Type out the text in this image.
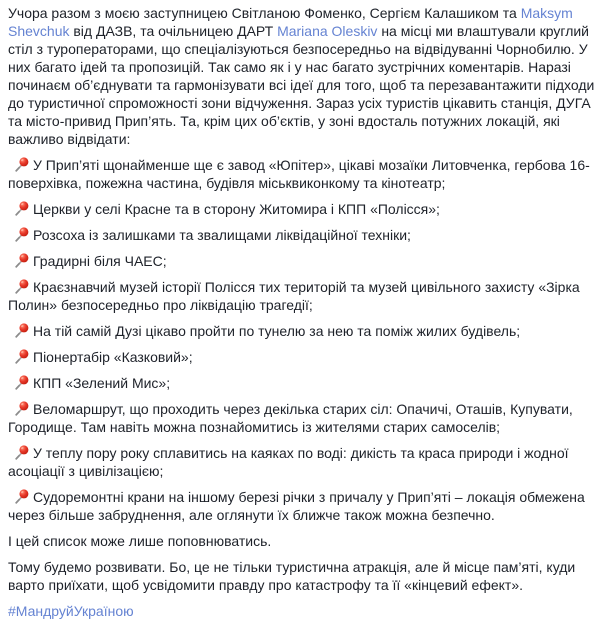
Учора разом з моєю заступницею Світланою Фоменко, Сергієм Калашиком та Maksym Shevchuk від ДАЗВ, та очільницею ДАРТ Mariana Oleskiv на місці ми влаштували круглий стіл з туроператорами, що спеціалізуються безпосередньо на відвідуванні Чорнобилю. У них багато ідей та пропозицій. Так само як і у нас багато зустрічних коментарів. Наразі починаєм об’єднувати та гармонізувати всі ідеї для того, щоб та перезавантажити підходи до туристичної спроможності зони відчуження. Зараз усіх туристів цікавить станція, ДУГА та місто-привид Прип’ять. Та, крім цих об’єктів, у зоні вдосталь потужних локацій, які важливо відвідати:

У Прип’яті щонайменше ще є завод «Юпітер», цікаві мозаїки Литовченка, гербова 16-поверхівка, пожежна частина, будівля міськвиконкому та кінотеатр;

Церкви у селі Красне та в сторону Житомира і КПП «Полісся»;

Розсоха із залишками та звалищами ліквідаційної техніки;

Градирні біля ЧАЕС;

Краєзнавчий музей історії Полісся тих територій та музей цивільного захисту «Зірка Полин» безпосередньо про ліквідацію трагедії;

На тій самій Дузі цікаво пройти по тунелю за нею та поміж жилих будівель;

Піонертабір «Казковий»;

КПП «Зелений Мис»;

Веломаршрут, що проходить через декілька старих сіл: Опачичі, Оташів, Купувати, Городище. Там навіть можна познайомитись із жителями старих самоселів;

У теплу пору року сплавитись на каяках по воді: дикість та краса природи і жодної асоціації з цивілізацією;

Судоремонтні крани на іншому березі річки з причалу у Прип’яті – локація обмежена через більше забруднення, але оглянути їх ближче також можна безпечно.

І цей список може лише поповнюватись.

Тому будемо розвивати. Бо, це не тільки туристична атракція, але й місце пам’яті, куди варто приїхати, щоб усвідомити правду про катастрофу та її «кінцевий ефект».

#МандруйУкраїною
